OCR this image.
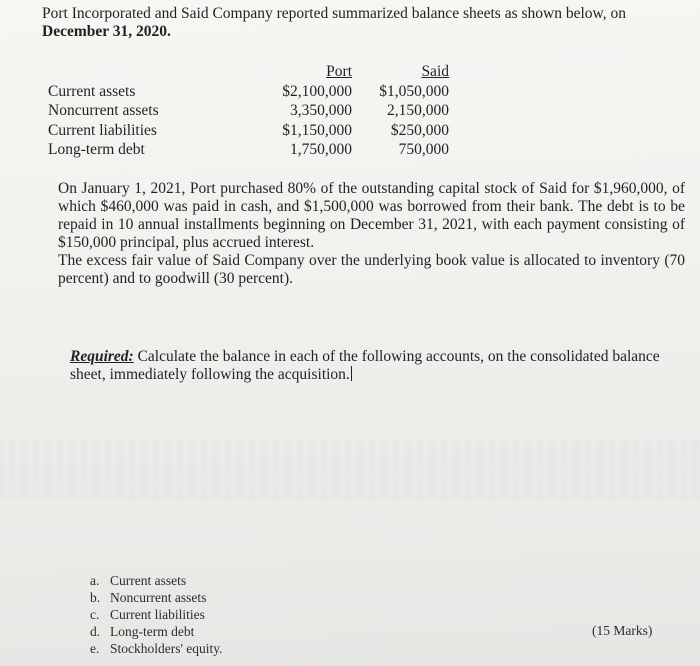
Port Incorporated and Said Company reported summarized balance sheets as shown below, on December 31, 2020.
	Port	Said
Current assets	$2,100,000	$1,050,000
Noncurrent assets	3,350,000	2,150,000
Current liabilities	$1,150,000	$250,000
Long-term debt	1,750,000	750,000

On January 1, 2021, Port purchased 80% of the outstanding capital stock of Said for $1,960,000, of which $460,000 was paid in cash, and $1,500,000 was borrowed from their bank. The debt is to be repaid in 10 annual installments beginning on December 31, 2021, with each payment consisting of $150,000 principal, plus accrued interest.

The excess fair value of Said Company over the underlying book value is allocated to inventory (70 percent) and to goodwill (30 percent).

Required: Calculate the balance in each of the following accounts, on the consolidated balance sheet, immediately following the acquisition.
a. Current assets
b. Noncurrent assets
c. Current liabilities
d. Long-term debt
e. Stockholders' equity.
(15 Marks)
